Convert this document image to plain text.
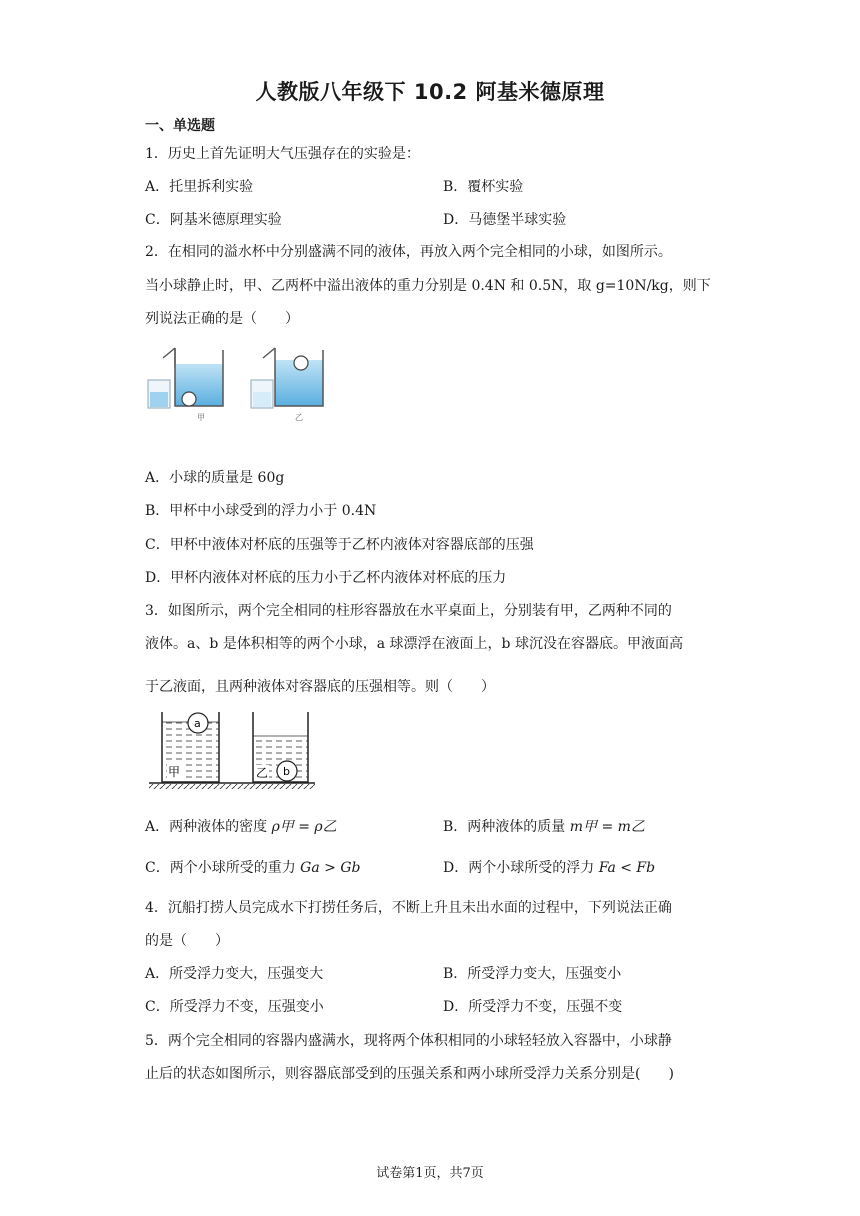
人教版八年级下 10.2 阿基米德原理
一、单选题
1．历史上首先证明大气压强存在的实验是：
A．托里拆利实验	B．覆杯实验
C．阿基米德原理实验	D．马德堡半球实验
2．在相同的溢水杯中分别盛满不同的液体，再放入两个完全相同的小球，如图所示。
当小球静止时，甲、乙两杯中溢出液体的重力分别是 0.4N 和 0.5N，取 g=10N/kg，则下
列说法正确的是（　　）
甲	乙
A．小球的质量是 60g
B．甲杯中小球受到的浮力小于 0.4N
C．甲杯中液体对杯底的压强等于乙杯内液体对容器底部的压强
D．甲杯内液体对杯底的压力小于乙杯内液体对杯底的压力
3．如图所示，两个完全相同的柱形容器放在水平桌面上，分别装有甲，乙两种不同的
液体。a、b 是体积相等的两个小球，a 球漂浮在液面上，b 球沉没在容器底。甲液面高
于乙液面，且两种液体对容器底的压强相等。则（　　）
a
甲	乙 b
A．两种液体的密度 ρ甲 = ρ乙	B．两种液体的质量 m甲 = m乙
C．两个小球所受的重力 Ga > Gb	D．两个小球所受的浮力 Fa < Fb
4．沉船打捞人员完成水下打捞任务后，不断上升且未出水面的过程中，下列说法正确
的是（　　）
A．所受浮力变大，压强变大	B．所受浮力变大，压强变小
C．所受浮力不变，压强变小	D．所受浮力不变，压强不变
5．两个完全相同的容器内盛满水，现将两个体积相同的小球轻轻放入容器中，小球静
止后的状态如图所示，则容器底部受到的压强关系和两小球所受浮力关系分别是(　　)
试卷第1页，共7页
